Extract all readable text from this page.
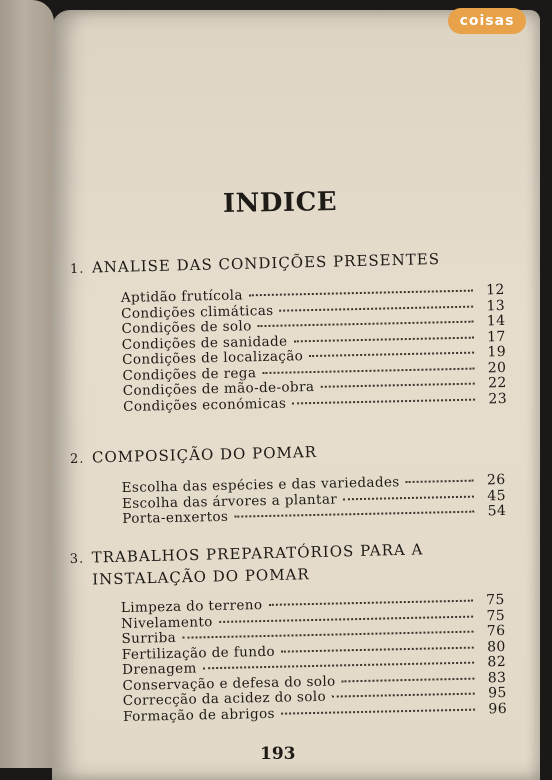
coisas
INDICE
1. ANALISE DAS CONDIÇÕES PRESENTES
Aptidão frutícola	12
Condições climáticas	13
Condições de solo	14
Condições de sanidade	17
Condições de localização	19
Condições de rega	20
Condições de mão-de-obra	22
Condições económicas	23
2. COMPOSIÇÃO DO POMAR
Escolha das espécies e das variedades	26
Escolha das árvores a plantar	45
Porta-enxertos	54
3. TRABALHOS PREPARATÓRIOS PARA A
INSTALAÇÃO DO POMAR
Limpeza do terreno	75
Nivelamento	75
Surriba	76
Fertilização de fundo	80
Drenagem	82
Conservação e defesa do solo	83
Correcção da acidez do solo	95
Formação de abrigos	96
193
